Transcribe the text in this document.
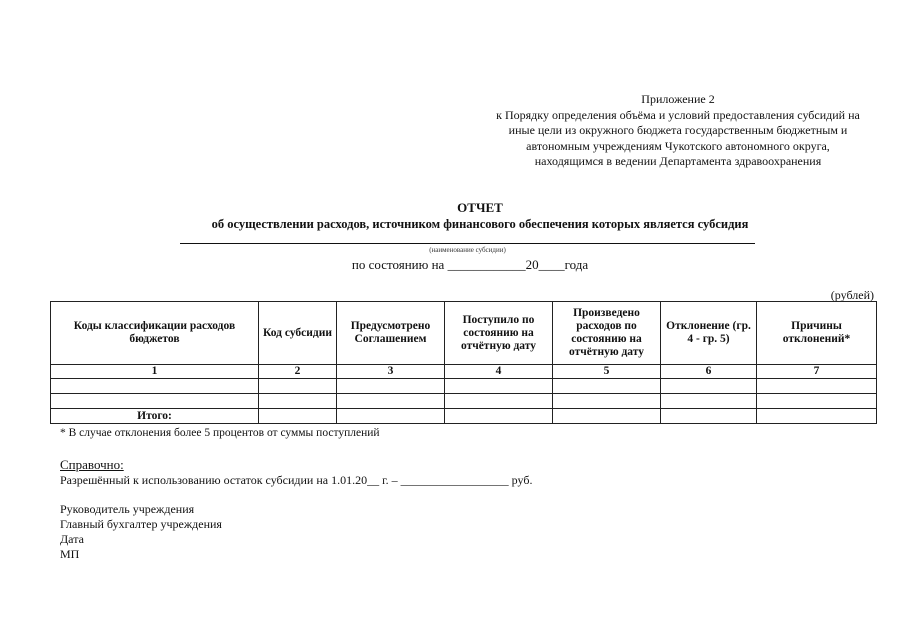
Приложение 2
к Порядку определения объёма и условий предоставления субсидий на
иные цели из окружного бюджета государственным бюджетным и
автономным учреждениям Чукотского автономного округа,
находящимся в ведении Департамента здравоохранения
ОТЧЕТ
об осуществлении расходов, источником финансового обеспечения которых является субсидия
(наименование субсидии)
по состоянию на ____________20____года
(рублей)
Коды классификации расходов бюджетов	Код субсидии	Предусмотрено Соглашением	Поступило по состоянию на отчётную дату	Произведено расходов по состоянию на отчётную дату	Отклонение (гр. 4 - гр. 5)	Причины отклонений*
1	2	3	4	5	6	7

Итого:						
* В случае отклонения более 5 процентов от суммы поступлений
Справочно:
Разрешённый к использованию остаток субсидии на 1.01.20__ г. – __________________ руб.
Руководитель учреждения
Главный бухгалтер учреждения
Дата
МП
